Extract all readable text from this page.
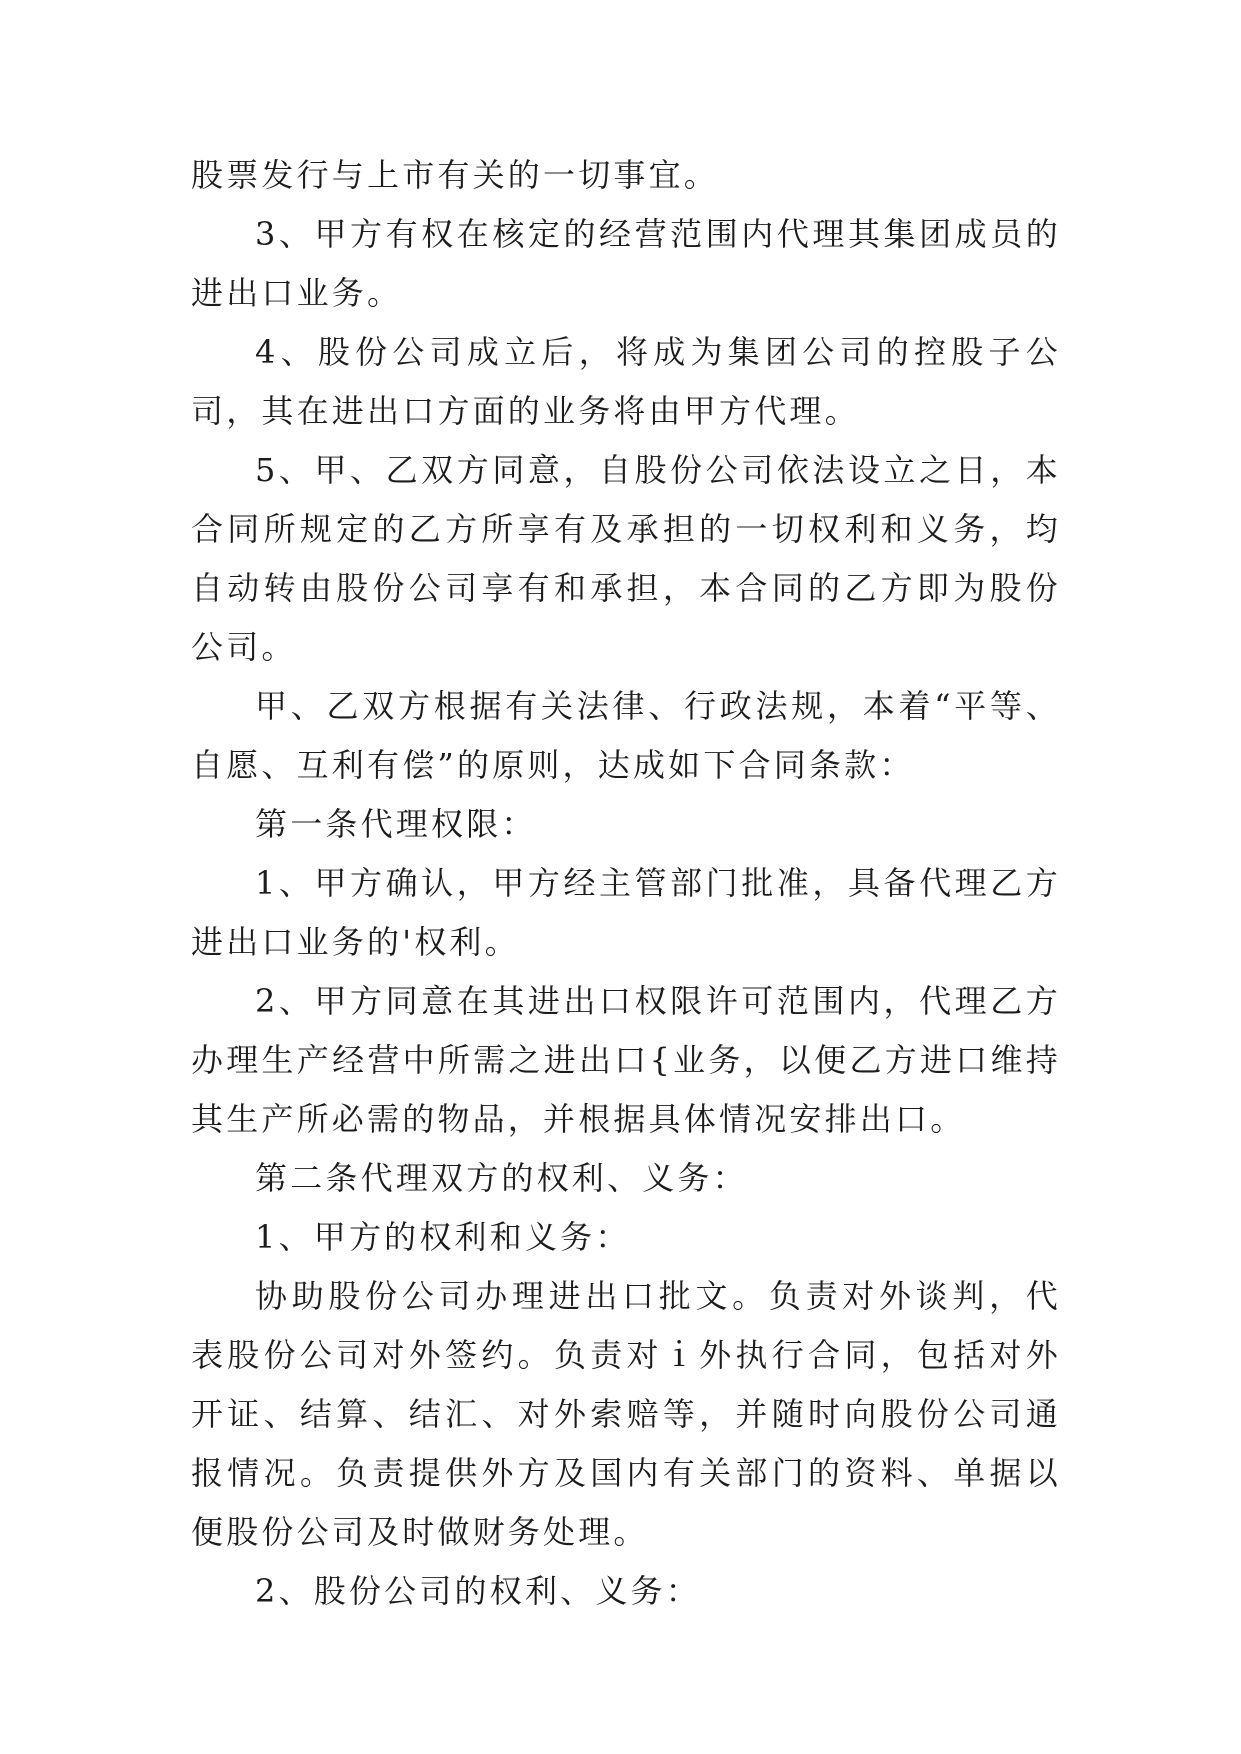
股票发行与上市有关的一切事宜。

3、甲方有权在核定的经营范围内代理其集团成员的进出口业务。

4、股份公司成立后，将成为集团公司的控股子公司，其在进出口方面的业务将由甲方代理。

5、甲、乙双方同意，自股份公司依法设立之日，本合同所规定的乙方所享有及承担的一切权利和义务，均自动转由股份公司享有和承担，本合同的乙方即为股份公司。

甲、乙双方根据有关法律、行政法规，本着“平等、自愿、互利有偿”的原则，达成如下合同条款：

第一条代理权限：

1、甲方确认，甲方经主管部门批准，具备代理乙方进出口业务的'权利。

2、甲方同意在其进出口权限许可范围内，代理乙方办理生产经营中所需之进出口{业务，以便乙方进口维持其生产所必需的物品，并根据具体情况安排出口。

第二条代理双方的权利、义务：

1、甲方的权利和义务：

协助股份公司办理进出口批文。负责对外谈判，代表股份公司对外签约。负责对ｉ外执行合同，包括对外开证、结算、结汇、对外索赔等，并随时向股份公司通报情况。负责提供外方及国内有关部门的资料、单据以便股份公司及时做财务处理。

2、股份公司的权利、义务：
